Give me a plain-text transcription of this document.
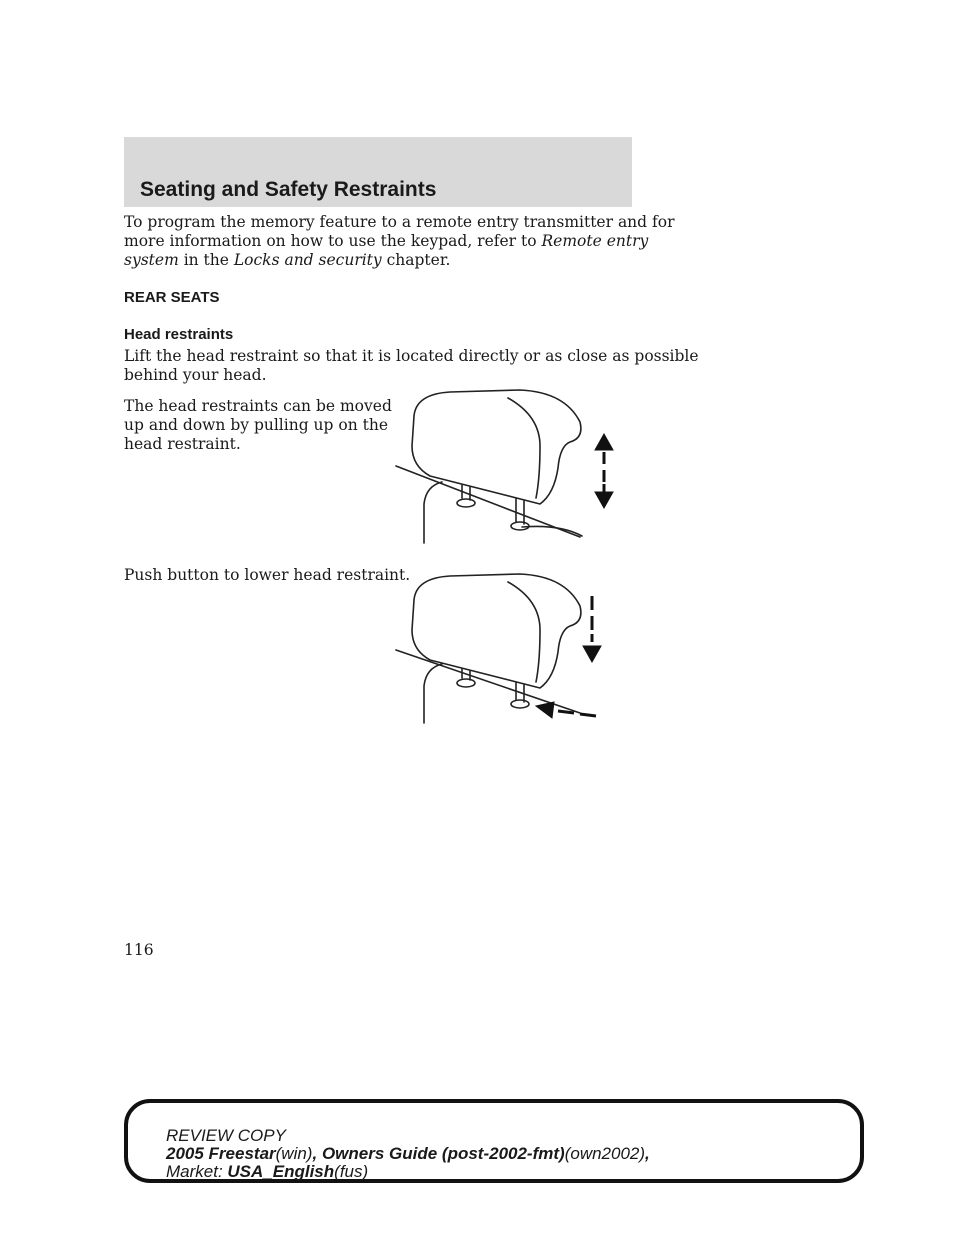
Seating and Safety Restraints
To program the memory feature to a remote entry transmitter and for
more information on how to use the keypad, refer to Remote entry
system in the Locks and security chapter.
REAR SEATS
Head restraints
Lift the head restraint so that it is located directly or as close as possible
behind your head.
The head restraints can be moved
up and down by pulling up on the
head restraint.
Push button to lower head restraint.
116
REVIEW COPY
2005 Freestar(win), Owners Guide (post-2002-fmt)(own2002),
Market: USA_English(fus)
